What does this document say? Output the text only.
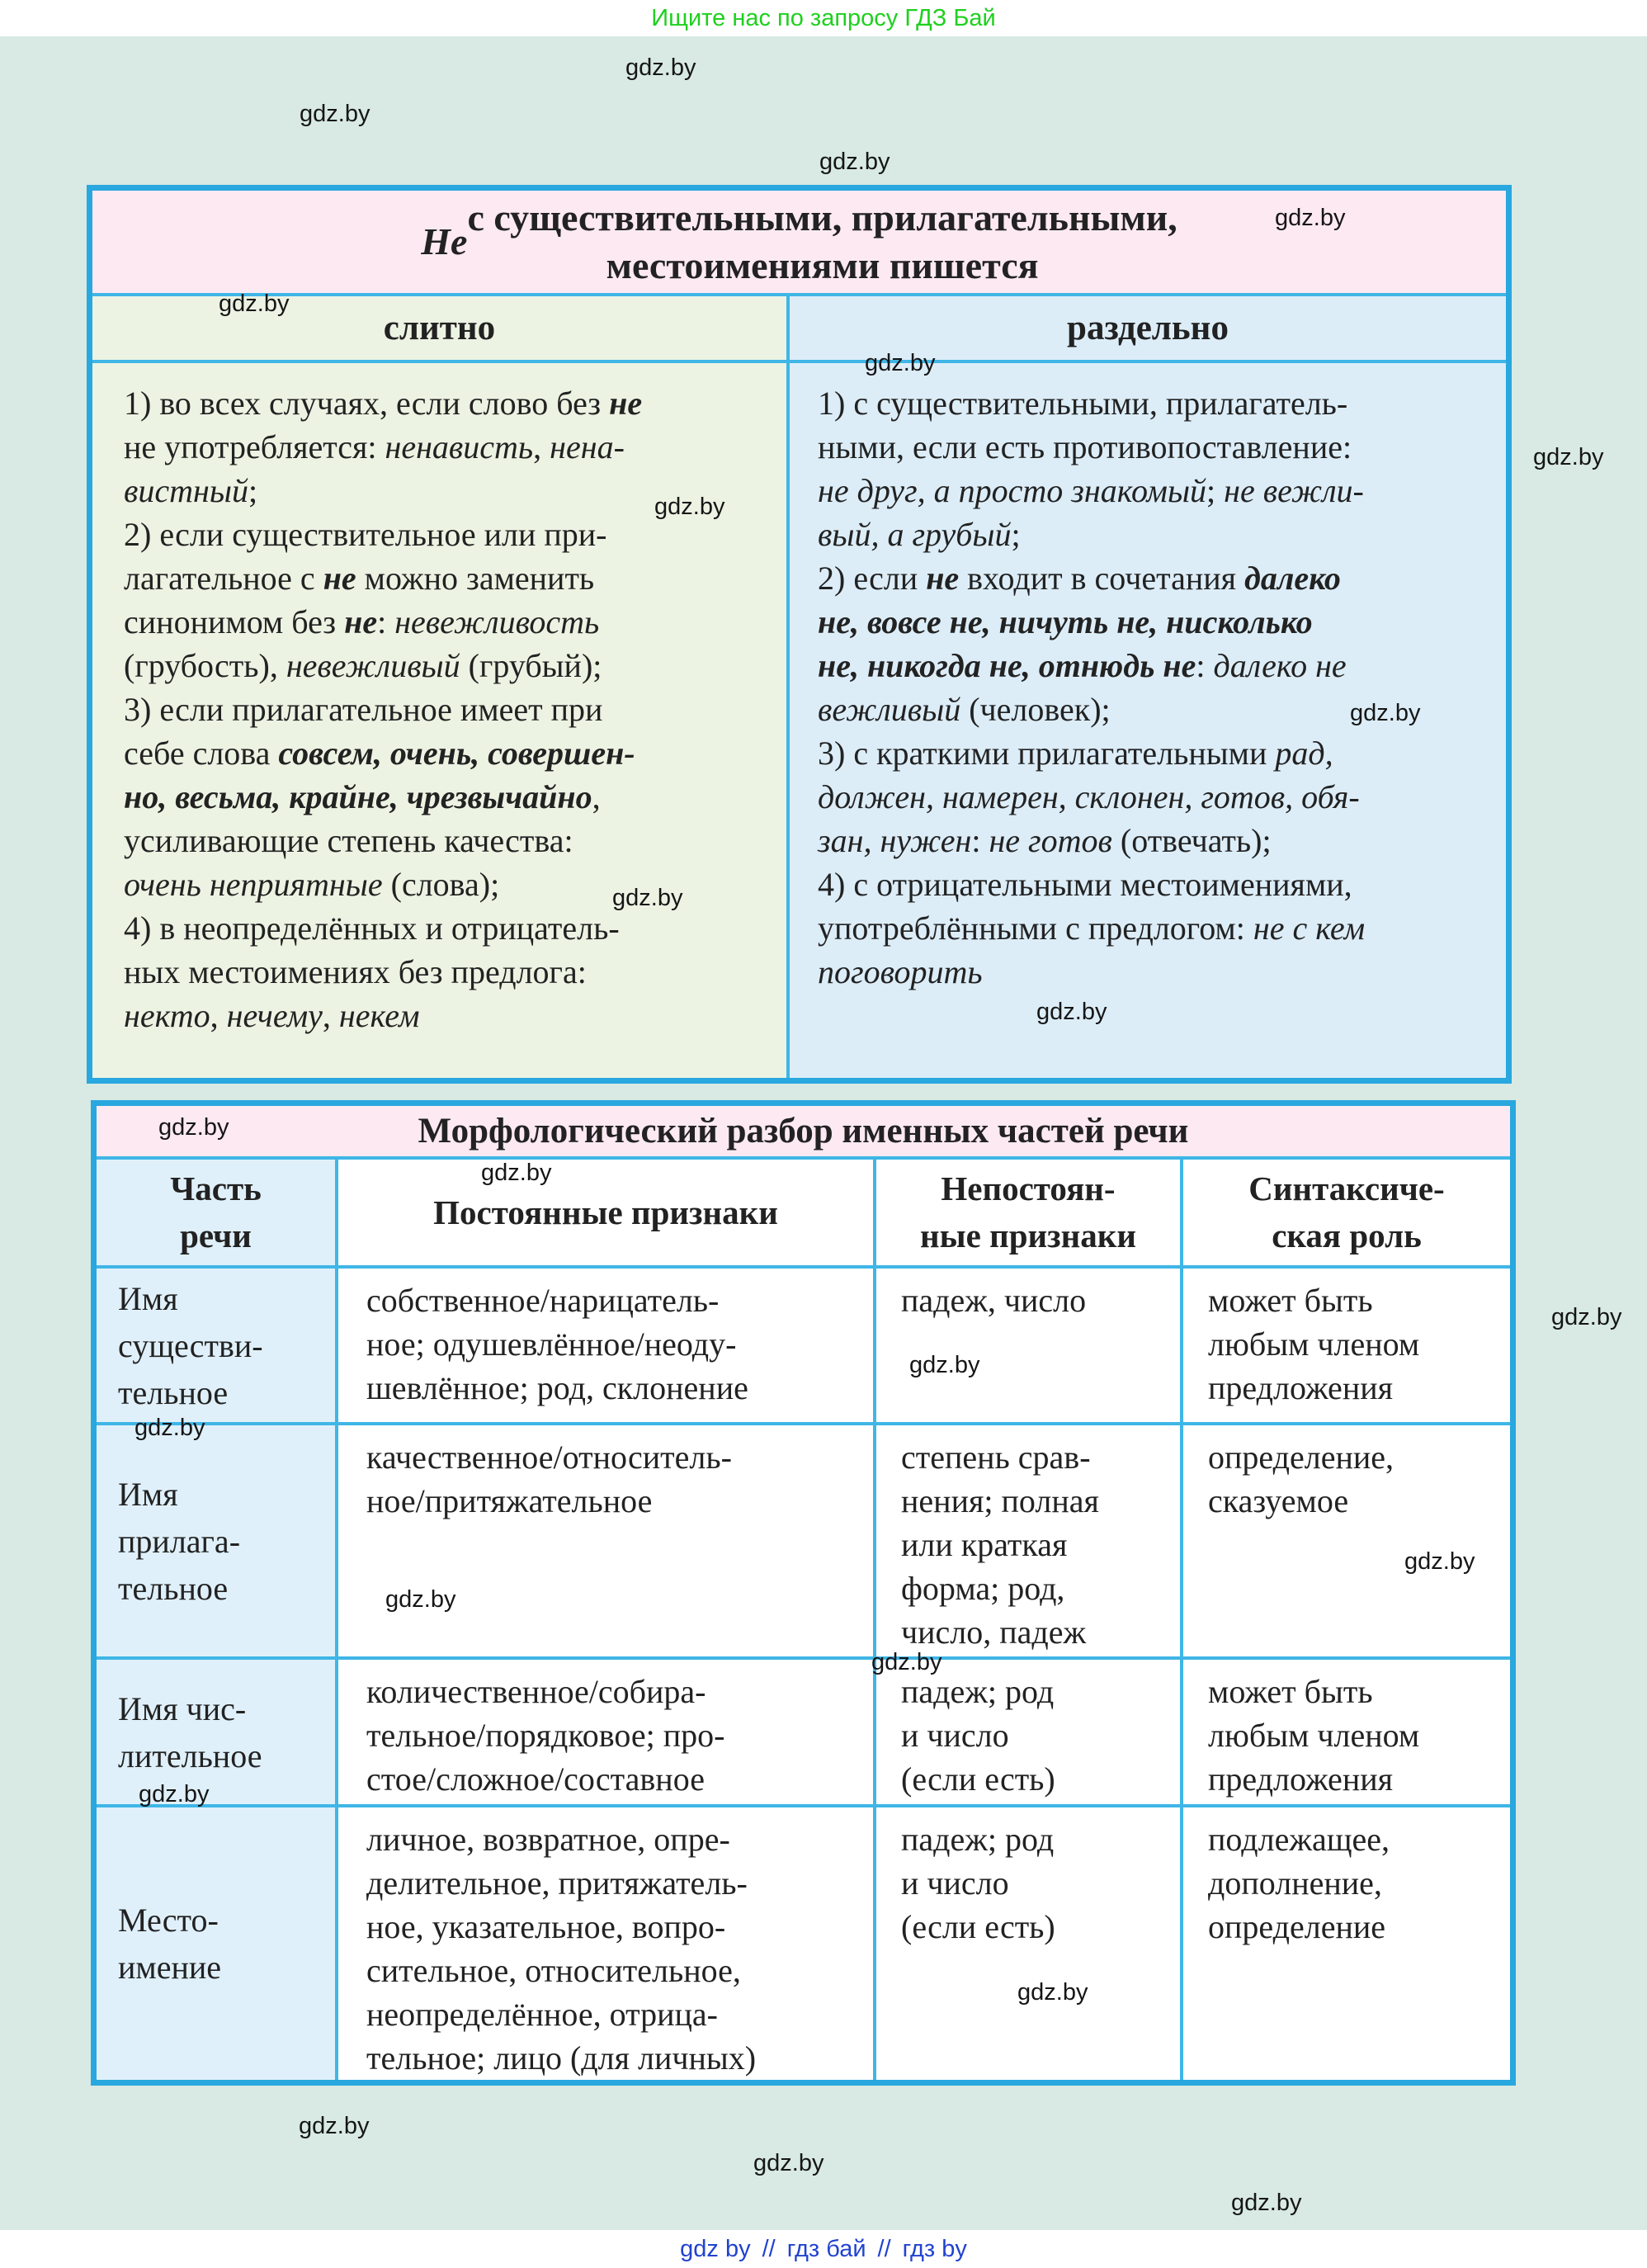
Ищите нас по запросу ГДЗ Бай
gdz.by
gdz.by
gdz.by
gdz.by
gdz.by
gdz.by
gdz.by
gdz.by
gdz.by
gdz.by
gdz.by
gdz.by
gdz.by
gdz.by
gdz.by
gdz.by
gdz.by
gdz.by
gdz.by
gdz.by
gdz.by
gdz.by
gdz.by
gdz.by
Не
с существительными, прилагательными,
местоимениями пишется
слитно
1) во всех случаях, если слово без не
не употребляется: ненависть, нена-
вистный;
2) если существительное или при-
лагательное с не можно заменить
синонимом без не: невежливость
(грубость), невежливый (грубый);
3) если прилагательное имеет при
себе слова совсем, очень, совершен-
но, весьма, крайне, чрезвычайно,
усиливающие степень качества:
очень неприятные (слова);
4) в неопределённых и отрицатель-
ных местоимениях без предлога:
некто, нечему, некем
раздельно
1) с существительными, прилагатель-
ными, если есть противопоставление:
не друг, а просто знакомый; не вежли-
вый, а грубый;
2) если не входит в сочетания далеко
не, вовсе не, ничуть не, нисколько
не, никогда не, отнюдь не: далеко не
вежливый (человек);
3) с краткими прилагательными рад,
должен, намерен, склонен, готов, обя-
зан, нужен: не готов (отвечать);
4) с отрицательными местоимениями,
употреблёнными с предлогом: не с кем
поговорить
Морфологический разбор именных частей речи
Часть
речи
Постоянные признаки
Непостоян-
ные признаки
Синтаксиче-
ская роль
Имя
существи-
тельное
собственное/нарицатель-
ное; одушевлённое/неоду-
шевлённое; род, склонение
падеж, число	может быть
любым членом
предложения
Имя
прилага-
тельное
качественное/относитель-
ное/притяжательное
степень срав-
нения; полная
или краткая
форма; род,
число, падеж
определение,
сказуемое
Имя чис-
лительное
количественное/собира-
тельное/порядковое; про-
стое/сложное/составное
падеж; род
и число
(если есть)
может быть
любым членом
предложения
Место-
имение
личное, возвратное, опре-
делительное, притяжатель-
ное, указательное, вопро-
сительное, относительное,
неопределённое, отрица-
тельное; лицо (для личных)
падеж; род
и число
(если есть)
подлежащее,
дополнение,
определение
gdz by // гдз бай // гдз by
